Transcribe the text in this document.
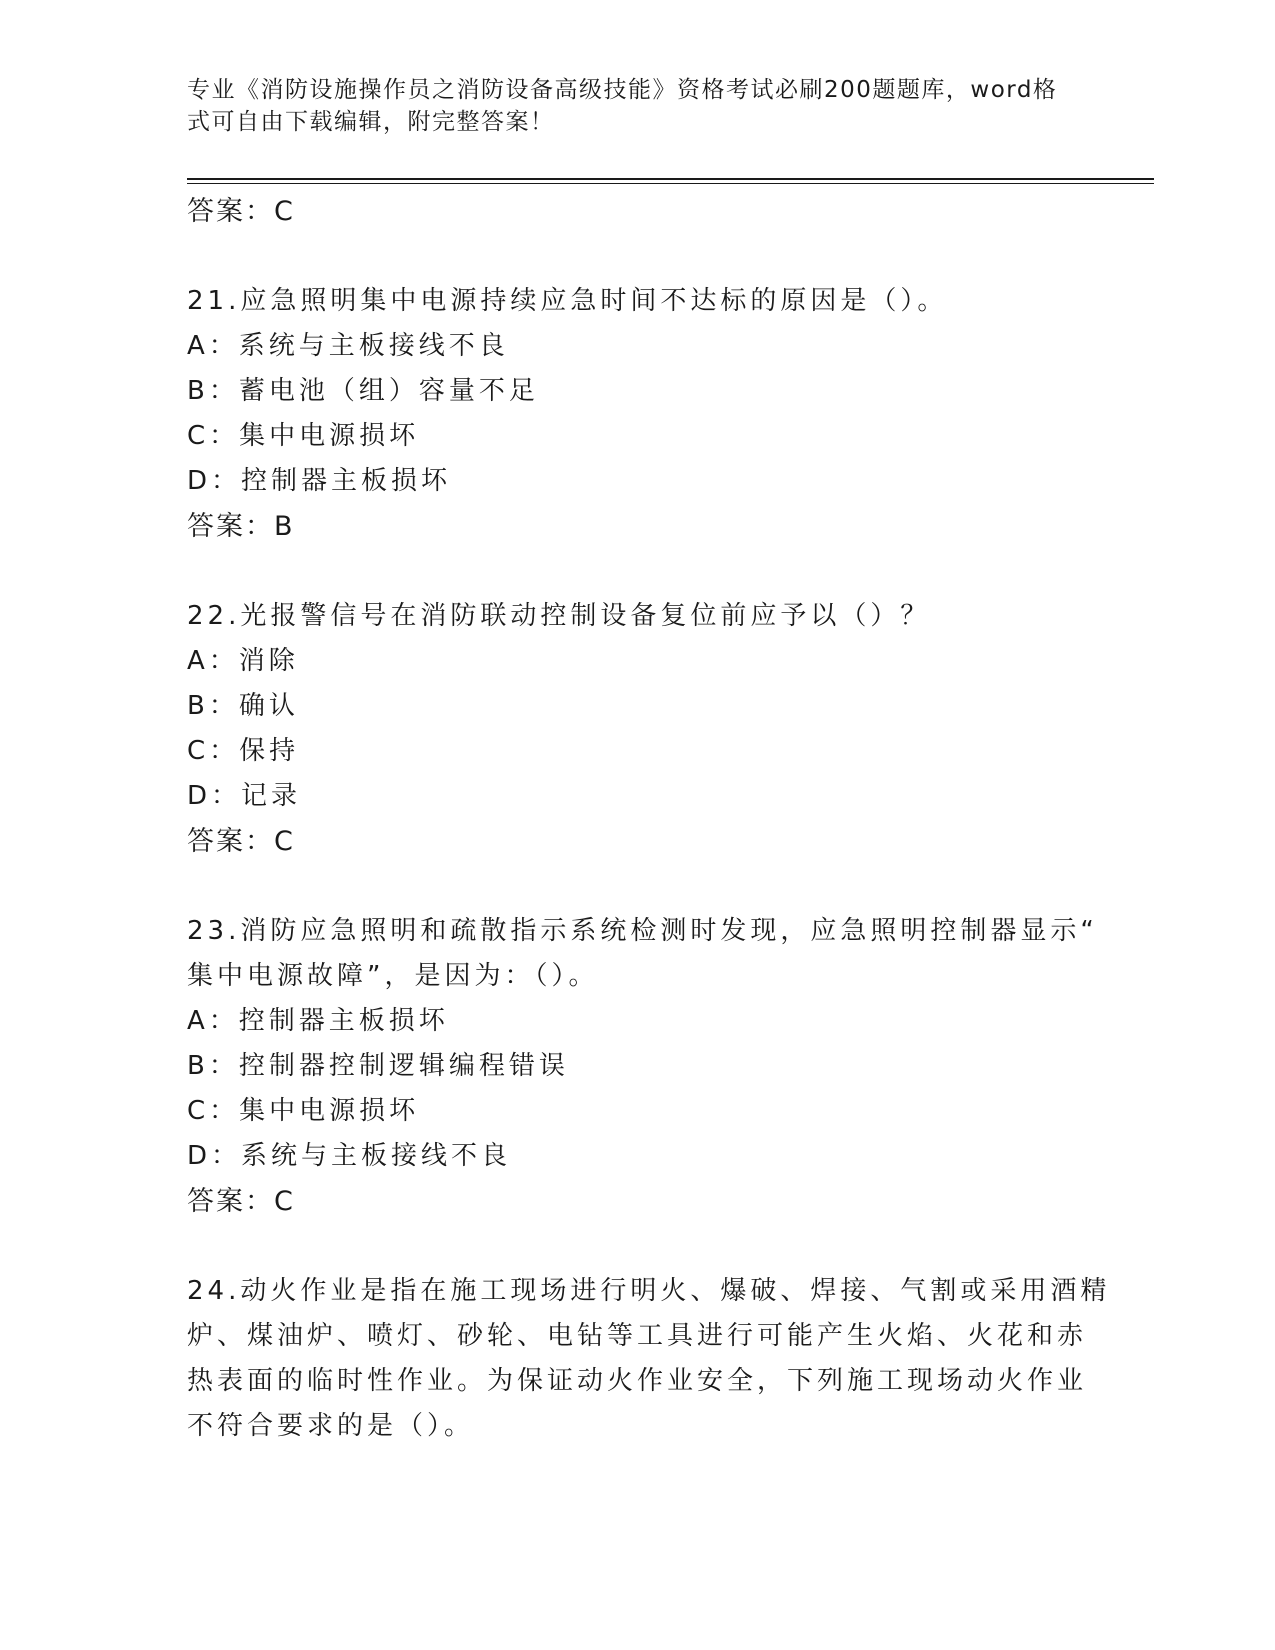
专业《消防设施操作员之消防设备高级技能》资格考试必刷200题题库，word格
式可自由下载编辑，附完整答案！
答案：C
21.应急照明集中电源持续应急时间不达标的原因是（）。
A：系统与主板接线不良
B：蓄电池（组）容量不足
C：集中电源损坏
D：控制器主板损坏
答案：B
22.光报警信号在消防联动控制设备复位前应予以（）？
A：消除
B：确认
C：保持
D：记录
答案：C
23.消防应急照明和疏散指示系统检测时发现，应急照明控制器显示“
集中电源故障”，是因为：（）。
A：控制器主板损坏
B：控制器控制逻辑编程错误
C：集中电源损坏
D：系统与主板接线不良
答案：C
24.动火作业是指在施工现场进行明火、爆破、焊接、气割或采用酒精
炉、煤油炉、喷灯、砂轮、电钻等工具进行可能产生火焰、火花和赤
热表面的临时性作业。为保证动火作业安全，下列施工现场动火作业
不符合要求的是（）。
